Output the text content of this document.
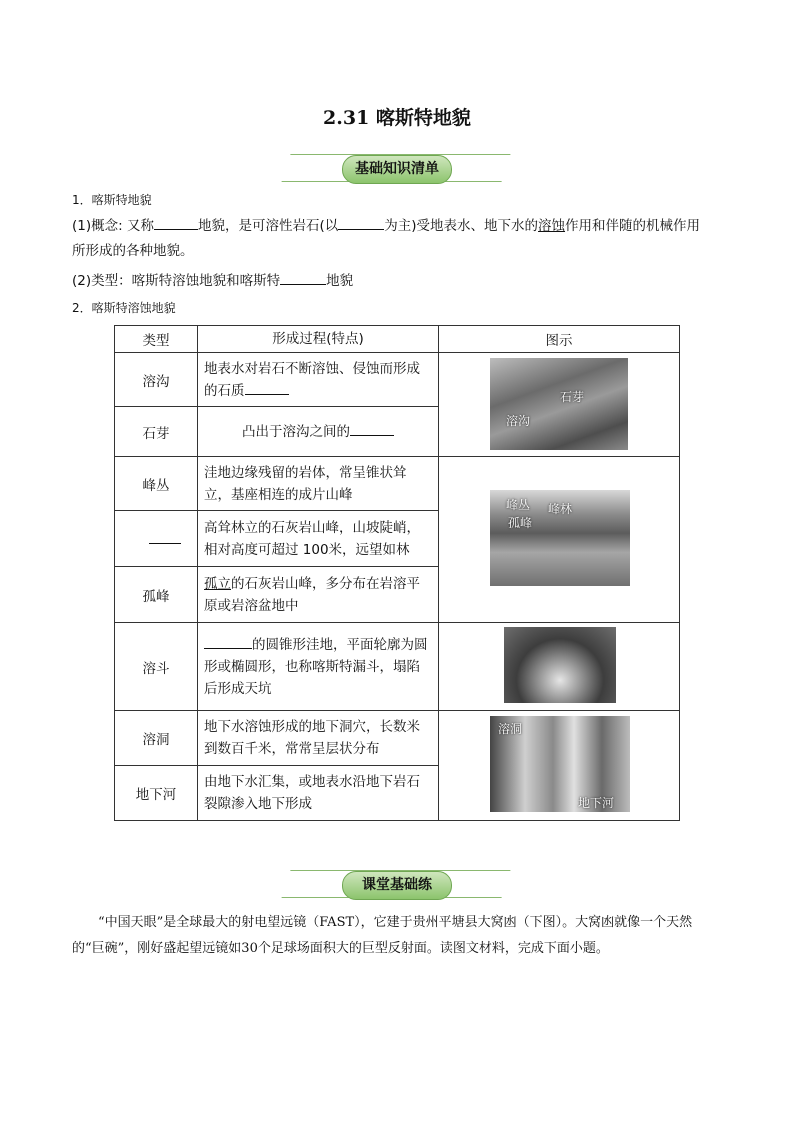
2.31 喀斯特地貌
基础知识清单
1．喀斯特地貌
(1)概念: 又称	地貌，是可溶性岩石(以	为主)受地表水、地下水的溶蚀作用和伴随的机械作用
所形成的各种地貌。
(2)类型：喀斯特溶蚀地貌和喀斯特	地貌
2．喀斯特溶蚀地貌
类型	形成过程(特点)	图示
溶沟	地表水对岩石不断溶蚀、侵蚀而形成的石质	
石芽	凸出于溶沟之间的	
峰丛	洼地边缘残留的岩体，常呈锥状耸立，基座相连的成片山峰	
	高耸林立的石灰岩山峰，山坡陡峭，相对高度可超过 100米，远望如林	
孤峰	孤立的石灰岩山峰，多分布在岩溶平原或岩溶盆地中	
溶斗	的圆锥形洼地，平面轮廓为圆形或椭圆形，也称喀斯特漏斗，塌陷后形成天坑	
溶洞	地下水溶蚀形成的地下洞穴，长数米到数百千米，常常呈层状分布	
地下河	由地下水汇集，或地表水沿地下岩石裂隙渗入地下形成	
石芽
溶沟
峰丛 峰林
孤峰
溶洞
地下河
课堂基础练
“中国天眼”是全球最大的射电望远镜（FAST），它建于贵州平塘县大窝凼（下图）。大窝凼就像一个天然的“巨碗”，刚好盛起望远镜如30个足球场面积大的巨型反射面。读图文材料，完成下面小题。
